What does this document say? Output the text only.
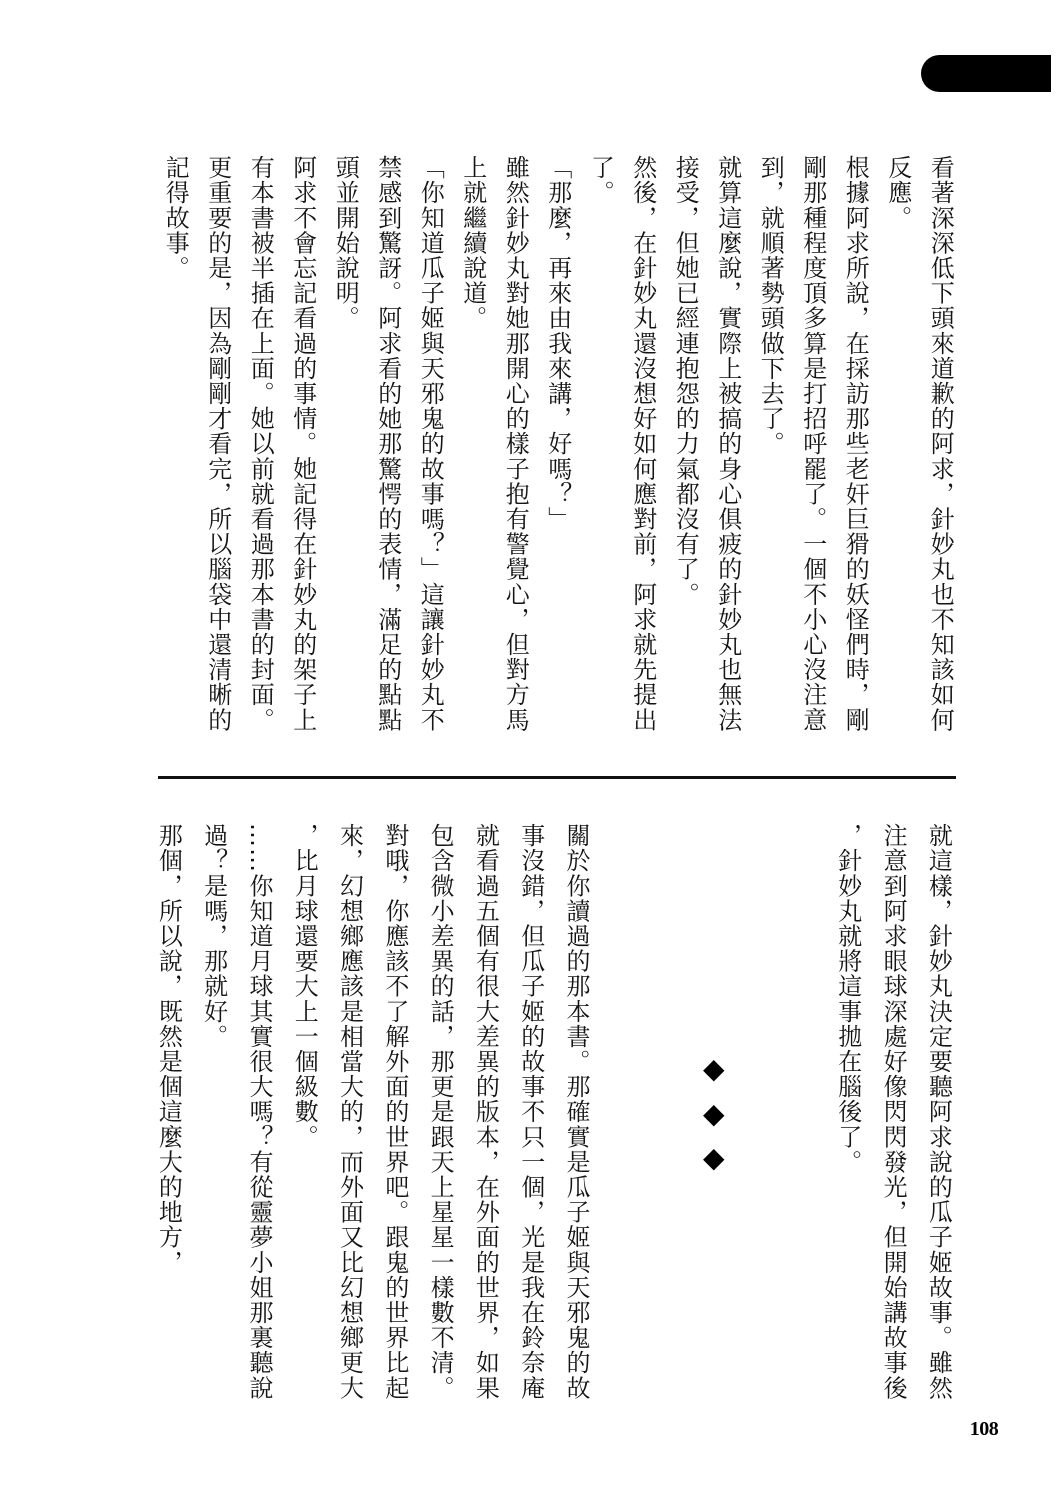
看著深深低下頭來道歉的阿求，針妙丸也不知該如何
反應。
根據阿求所說，在採訪那些老奸巨猾的妖怪們時，剛
剛那種程度頂多算是打招呼罷了。一個不小心沒注意
到，就順著勢頭做下去了。
就算這麼說，實際上被搞的身心俱疲的針妙丸也無法
接受，但她已經連抱怨的力氣都沒有了。
然後，在針妙丸還沒想好如何應對前，阿求就先提出
了。
「那麼，再來由我來講，好嗎？」
雖然針妙丸對她那開心的樣子抱有警覺心，但對方馬
上就繼續說道。
「你知道瓜子姬與天邪鬼的故事嗎？」這讓針妙丸不
禁感到驚訝。阿求看的她那驚愕的表情，滿足的點點
頭並開始說明。
阿求不會忘記看過的事情。她記得在針妙丸的架子上
有本書被半插在上面。她以前就看過那本書的封面。
更重要的是，因為剛剛才看完，所以腦袋中還清晰的
記得故事。
就這樣，針妙丸決定要聽阿求說的瓜子姬故事。雖然
注意到阿求眼球深處好像閃閃發光，但開始講故事後
，針妙丸就將這事拋在腦後了。
◆
◆
◆
關於你讀過的那本書。那確實是瓜子姬與天邪鬼的故
事沒錯，但瓜子姬的故事不只一個，光是我在鈴奈庵
就看過五個有很大差異的版本，在外面的世界，如果
包含微小差異的話，那更是跟天上星星一樣數不清。
對哦，你應該不了解外面的世界吧。跟鬼的世界比起
來，幻想鄉應該是相當大的，而外面又比幻想鄉更大
，比月球還要大上一個級數。
……你知道月球其實很大嗎？有從靈夢小姐那裏聽說
過？是嗎，那就好。
那個，所以說，既然是個這麼大的地方，
108
